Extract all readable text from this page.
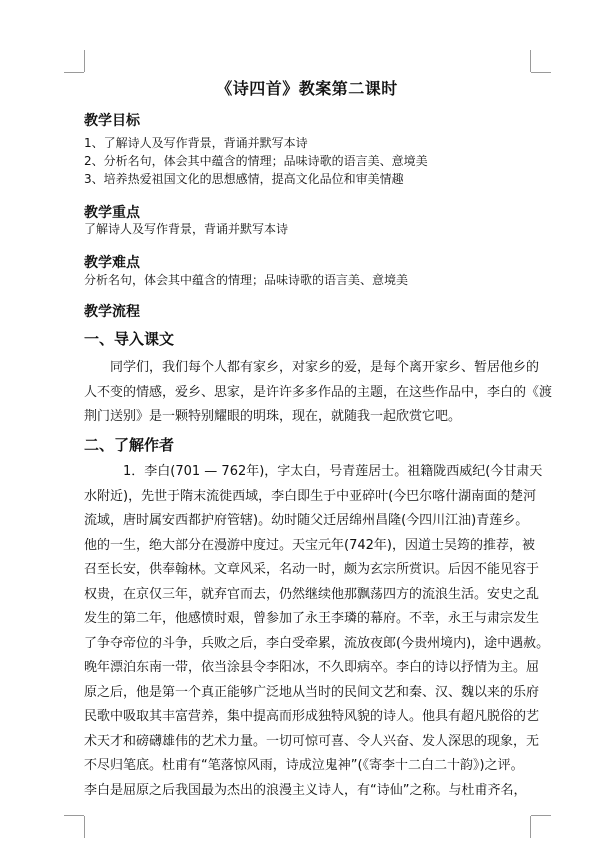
《诗四首》教案第二课时
教学目标
1、了解诗人及写作背景，背诵并默写本诗
2、分析名句，体会其中蕴含的情理；品味诗歌的语言美、意境美
3、培养热爱祖国文化的思想感情，提高文化品位和审美情趣
教学重点
了解诗人及写作背景，背诵并默写本诗
教学难点
分析名句，体会其中蕴含的情理；品味诗歌的语言美、意境美
教学流程
一、导入课文
　　同学们，我们每个人都有家乡，对家乡的爱，是每个离开家乡、暂居他乡的
人不变的情感，爱乡、思家，是许许多多作品的主题，在这些作品中，李白的《渡
荆门送别》是一颗特别耀眼的明珠，现在，就随我一起欣赏它吧。
二、了解作者
　　　1．李白(701 — 762年)，字太白，号青莲居士。祖籍陇西威纪(今甘肃天
水附近)，先世于隋末流徙西域，李白即生于中亚碎叶(今巴尔喀什湖南面的楚河
流域，唐时属安西都护府管辖)。幼时随父迁居绵州昌隆(今四川江油)青莲乡。
他的一生，绝大部分在漫游中度过。天宝元年(742年)，因道士吴筠的推荐，被
召至长安，供奉翰林。文章风采，名动一时，颇为玄宗所赏识。后因不能见容于
权贵，在京仅三年，就弃官而去，仍然继续他那飘荡四方的流浪生活。安史之乱
发生的第二年，他感愤时艰，曾参加了永王李璘的幕府。不幸，永王与肃宗发生
了争夺帝位的斗争，兵败之后，李白受牵累，流放夜郎(今贵州境内)，途中遇赦。
晚年漂泊东南一带，依当涂县令李阳冰，不久即病卒。李白的诗以抒情为主。屈
原之后，他是第一个真正能够广泛地从当时的民间文艺和秦、汉、魏以来的乐府
民歌中吸取其丰富营养，集中提高而形成独特风貌的诗人。他具有超凡脱俗的艺
术天才和磅礴雄伟的艺术力量。一切可惊可喜、令人兴奋、发人深思的现象，无
不尽归笔底。杜甫有“笔落惊风雨，诗成泣鬼神”(《寄李十二白二十韵》)之评。
李白是屈原之后我国最为杰出的浪漫主义诗人，有“诗仙”之称。与杜甫齐名，
